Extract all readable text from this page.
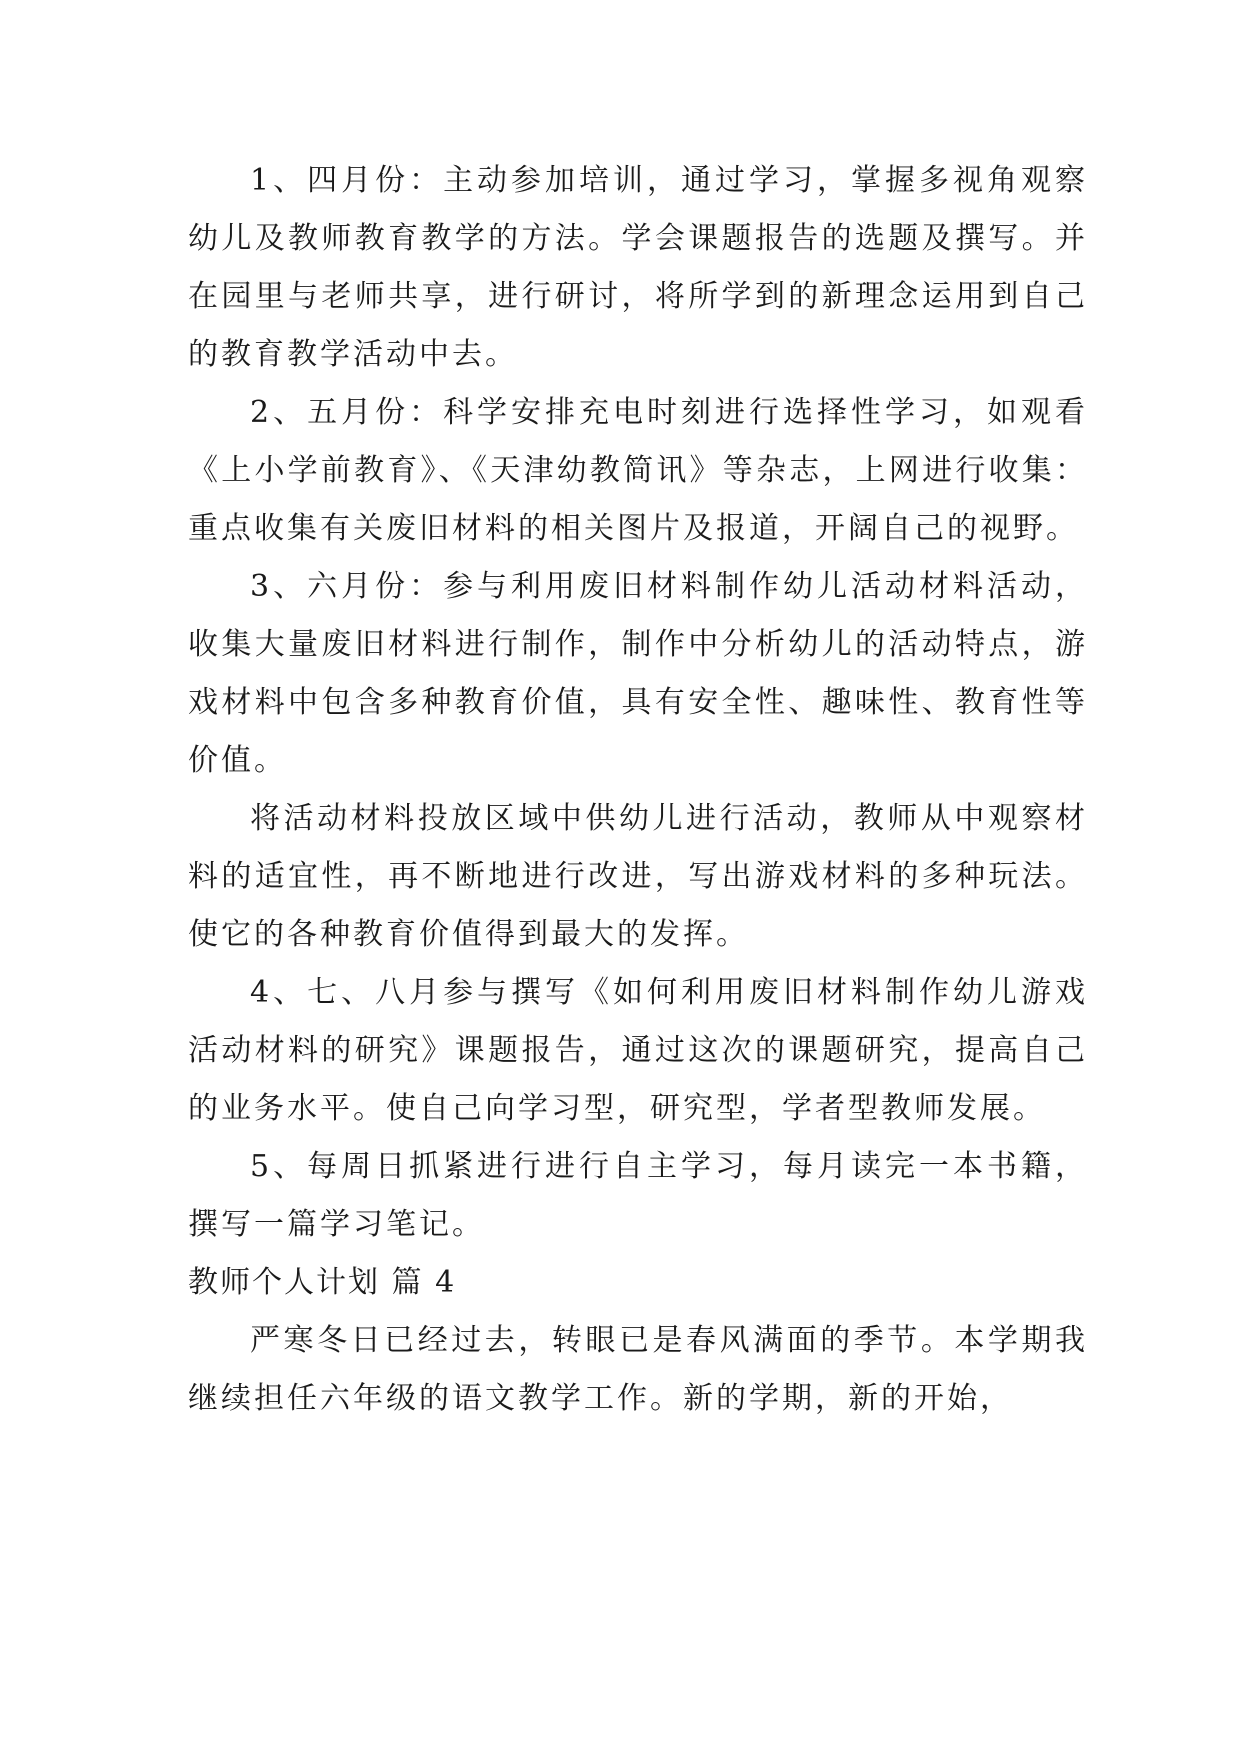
1、四月份：主动参加培训，通过学习，掌握多视角观察幼儿及教师教育教学的方法。学会课题报告的选题及撰写。并在园里与老师共享，进行研讨，将所学到的新理念运用到自己的教育教学活动中去。

2、五月份：科学安排充电时刻进行选择性学习，如观看《上小学前教育》、《天津幼教简讯》等杂志，上网进行收集：重点收集有关废旧材料的相关图片及报道，开阔自己的视野。

3、六月份：参与利用废旧材料制作幼儿活动材料活动，收集大量废旧材料进行制作，制作中分析幼儿的活动特点，游戏材料中包含多种教育价值，具有安全性、趣味性、教育性等价值。

将活动材料投放区域中供幼儿进行活动，教师从中观察材料的适宜性，再不断地进行改进，写出游戏材料的多种玩法。使它的各种教育价值得到最大的发挥。

4、七、八月参与撰写《如何利用废旧材料制作幼儿游戏活动材料的研究》课题报告，通过这次的课题研究，提高自己的业务水平。使自己向学习型，研究型，学者型教师发展。

5、每周日抓紧进行进行自主学习，每月读完一本书籍，撰写一篇学习笔记。

教师个人计划 篇 4

严寒冬日已经过去，转眼已是春风满面的季节。本学期我继续担任六年级的语文教学工作。新的学期，新的开始，
